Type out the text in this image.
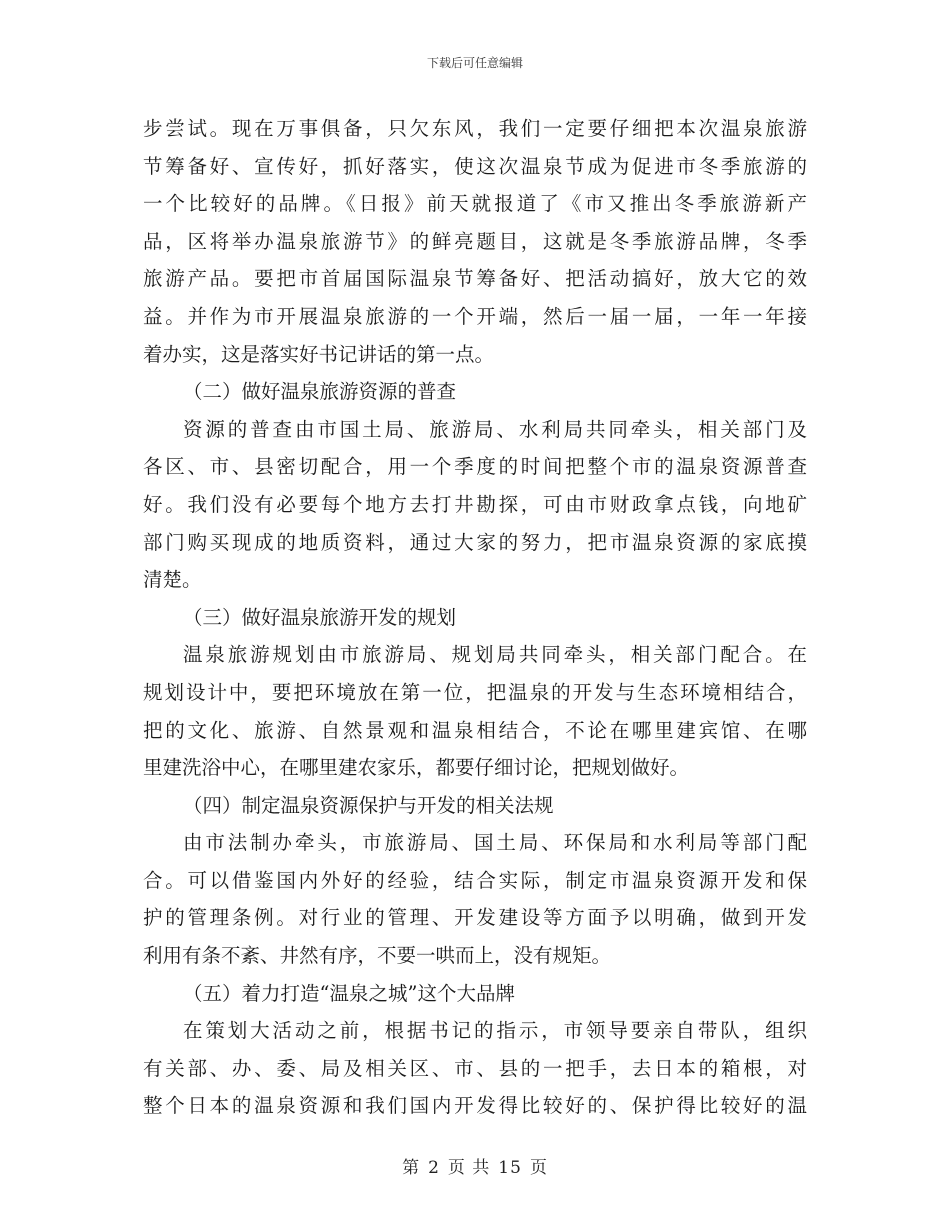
下载后可任意编辑
步尝试。现在万事俱备，只欠东风，我们一定要仔细把本次温泉旅游
节筹备好、宣传好，抓好落实，使这次温泉节成为促进市冬季旅游的
一个比较好的品牌。《日报》前天就报道了《市又推出冬季旅游新产
品，区将举办温泉旅游节》的鲜亮题目，这就是冬季旅游品牌，冬季
旅游产品。要把市首届国际温泉节筹备好、把活动搞好，放大它的效
益。并作为市开展温泉旅游的一个开端，然后一届一届，一年一年接
着办实，这是落实好书记讲话的第一点。
（二）做好温泉旅游资源的普查
资源的普查由市国土局、旅游局、水利局共同牵头，相关部门及
各区、市、县密切配合，用一个季度的时间把整个市的温泉资源普查
好。我们没有必要每个地方去打井勘探，可由市财政拿点钱，向地矿
部门购买现成的地质资料，通过大家的努力，把市温泉资源的家底摸
清楚。
（三）做好温泉旅游开发的规划
温泉旅游规划由市旅游局、规划局共同牵头，相关部门配合。在
规划设计中，要把环境放在第一位，把温泉的开发与生态环境相结合，
把的文化、旅游、自然景观和温泉相结合，不论在哪里建宾馆、在哪
里建洗浴中心，在哪里建农家乐，都要仔细讨论，把规划做好。
（四）制定温泉资源保护与开发的相关法规
由市法制办牵头，市旅游局、国土局、环保局和水利局等部门配
合。可以借鉴国内外好的经验，结合实际，制定市温泉资源开发和保
护的管理条例。对行业的管理、开发建设等方面予以明确，做到开发
利用有条不紊、井然有序，不要一哄而上，没有规矩。
（五）着力打造“温泉之城”这个大品牌
在策划大活动之前，根据书记的指示，市领导要亲自带队，组织
有关部、办、委、局及相关区、市、县的一把手，去日本的箱根，对
整个日本的温泉资源和我们国内开发得比较好的、保护得比较好的温
第 2 页 共 15 页
